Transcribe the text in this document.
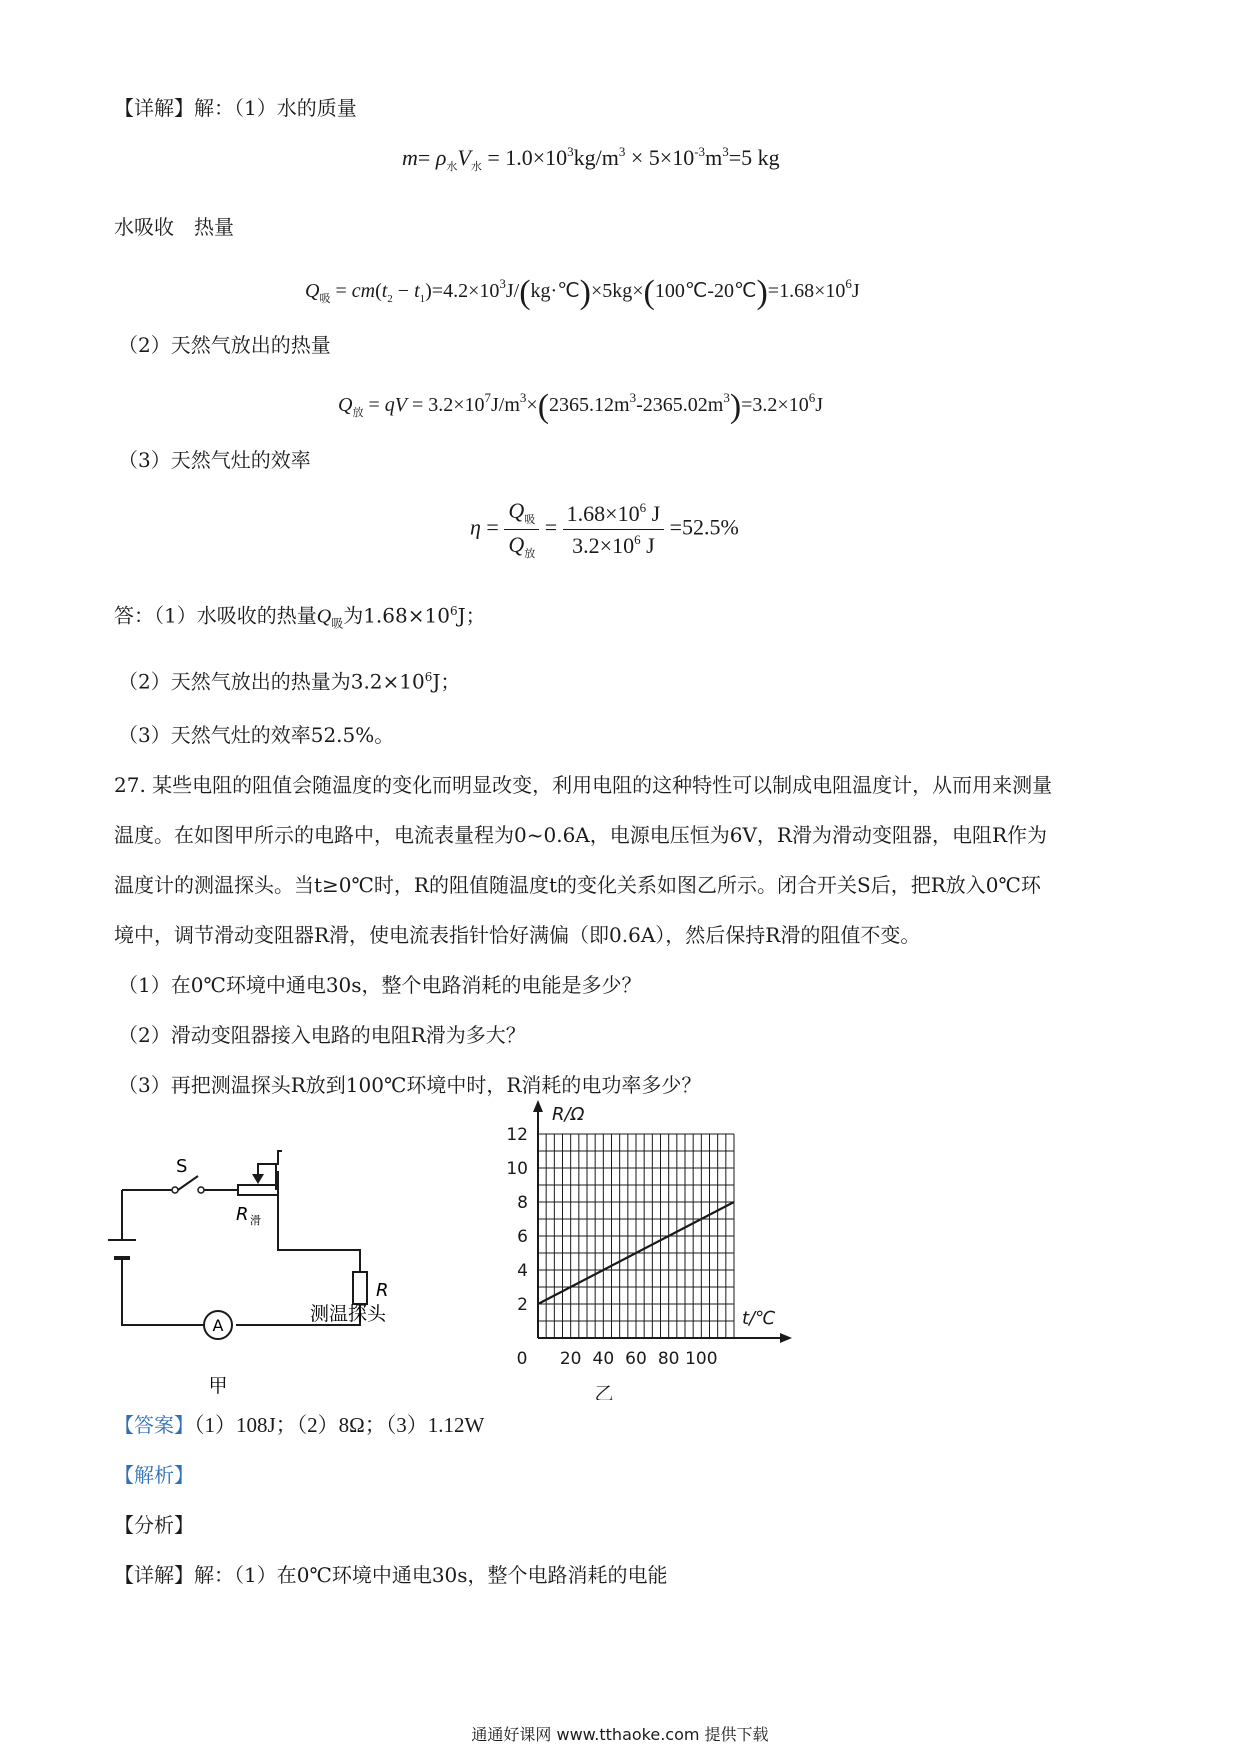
【详解】解：（1）水的质量
$m= \rho_水V_水 = 1.0\times 10^3kg/m^3 \times 5\times 10^{-3}m^3=5$ kg
水吸收　热量
$Q_吸 = cm(t_2$ − $t_1)=4.2\times 10^3J/(kg\cdot℃)\times 5kg\times(100℃-20℃)=1.68\times 10^6J$
（2）天然气放出的热量
$Q_放$ = qV = $3.2\times 10^7J/m^3\times(2365.12m^3-2365.02m^3)=3.2\times 10^6J$
（3）天然气灶的效率
$\eta = \frac{Q_吸}{Q_放} = \frac{1.68\times 10^6 J}{3.2\times 10^6 J} =52.5\%$
答：（1）水吸收的热量$Q_吸$为$1.68\times 10^6J$；
（2）天然气放出的热量为$3.2\times 10^6J$；
（3）天然气灶的效率52.5%。
27. 某些电阻的阻值会随温度的变化而明显改变，利用电阻的这种特性可以制成电阻温度计，从而用来测量
温度。在如图甲所示的电路中，电流表量程为0~0.6A，电源电压恒为6V，R滑为滑动变阻器，电阻R作为
温度计的测温探头。当t≥0℃时，R的阻值随温度t的变化关系如图乙所示。闭合开关S后，把R放入0℃环
境中，调节滑动变阻器R滑，使电流表指针恰好满偏（即0.6A），然后保持R滑的阻值不变。
（1）在0℃环境中通电30s，整个电路消耗的电能是多少？
（2）滑动变阻器接入电路的电阻R滑为多大？
（3）再把测温探头R放到100℃环境中时，R消耗的电功率多少？
A
S
R 滑
R
测温探头
甲
0 20 40 60 80 100
2
4
6
8
10
12
R/Ω
t/℃
乙
【答案】（1）108J；（2）8Ω；（3）1.12W
【解析】
【分析】
【详解】解：（1）在0℃环境中通电30s，整个电路消耗的电能
通通好课网 www.tthaoke.com 提供下载
